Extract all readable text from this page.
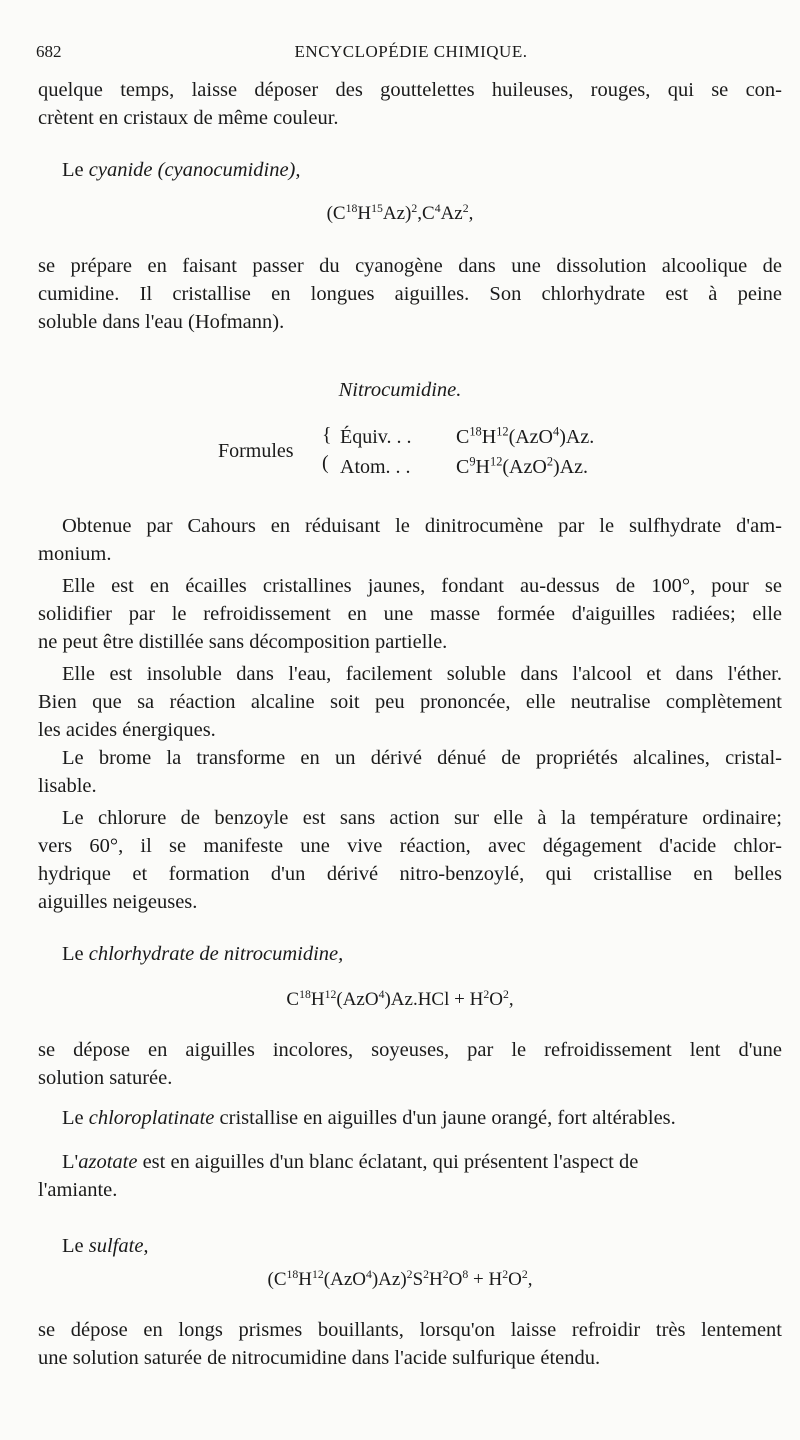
682	ENCYCLOPÉDIE CHIMIQUE.
quelque temps, laisse déposer des gouttelettes huileuses, rouges, qui se con-
crètent en cristaux de même couleur.
Le cyanide (cyanocumidine),
$(C^{18}H^{15}Az)^2,C^4Az^2$,
se prépare en faisant passer du cyanogène dans une dissolution alcoolique de
cumidine. Il cristallise en longues aiguilles. Son chlorhydrate est à peine
soluble dans l'eau (Hofmann).
Nitrocumidine.
Formules
{
(
Équiv. . . $C^{18}H^{12}(AzO^4)Az$.
Atom. . . $C^9H^{12}(AzO^2)Az$.
Obtenue par Cahours en réduisant le dinitrocumène par le sulfhydrate d'am-
monium.
Elle est en écailles cristallines jaunes, fondant au-dessus de 100°, pour se
solidifier par le refroidissement en une masse formée d'aiguilles radiées; elle
ne peut être distillée sans décomposition partielle.
Elle est insoluble dans l'eau, facilement soluble dans l'alcool et dans l'éther.
Bien que sa réaction alcaline soit peu prononcée, elle neutralise complètement
les acides énergiques.
Le brome la transforme en un dérivé dénué de propriétés alcalines, cristal-
lisable.
Le chlorure de benzoyle est sans action sur elle à la température ordinaire;
vers 60°, il se manifeste une vive réaction, avec dégagement d'acide chlor-
hydrique et formation d'un dérivé nitro-benzoylé, qui cristallise en belles
aiguilles neigeuses.
Le chlorhydrate de nitrocumidine,
$C^{18}H^{12}(AzO^4)Az.HCl + H^2O^2$,
se dépose en aiguilles incolores, soyeuses, par le refroidissement lent d'une
solution saturée.
Le chloroplatinate cristallise en aiguilles d'un jaune orangé, fort altérables.
L'azotate est en aiguilles d'un blanc éclatant, qui présentent l'aspect de
l'amiante.
Le sulfate,
$(C^{18}H^{12}(AzO^4)Az)^2S^2H^2O^8 + H^2O^2$,
se dépose en longs prismes bouillants, lorsqu'on laisse refroidir très lentement
une solution saturée de nitrocumidine dans l'acide sulfurique étendu.
